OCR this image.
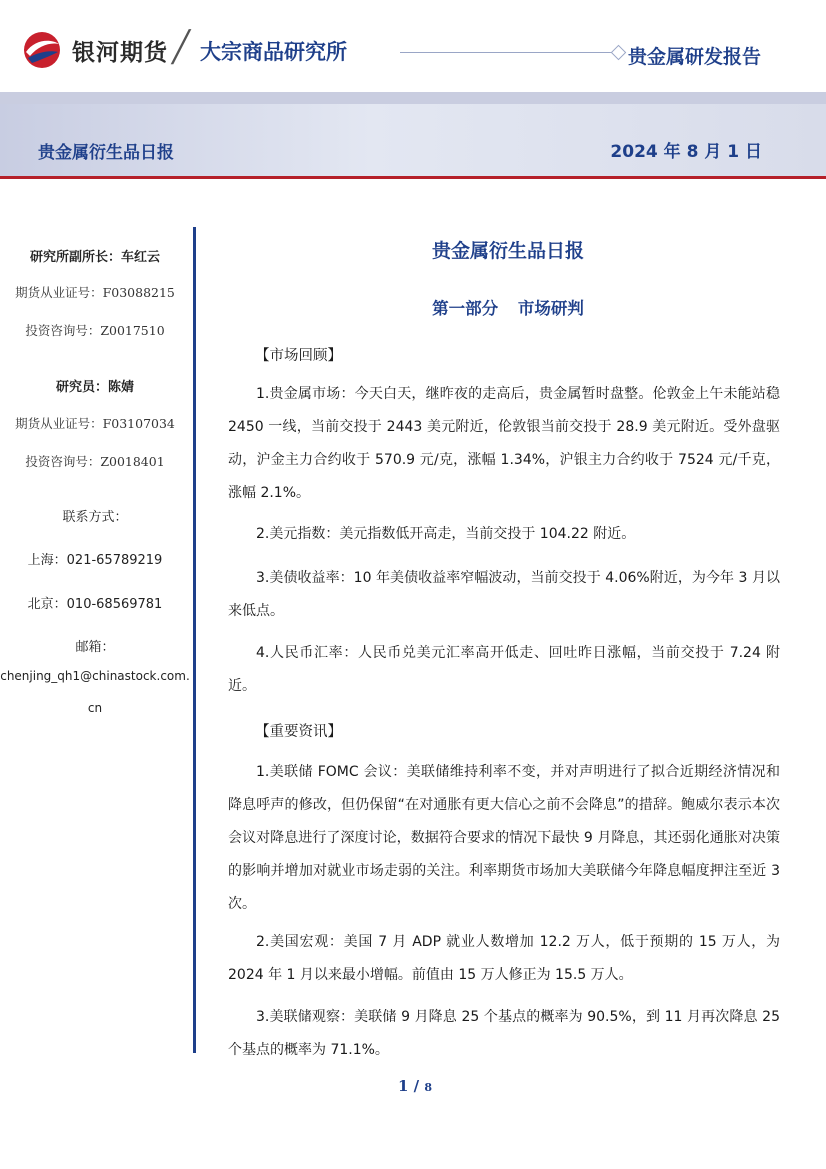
银河期货 ╱ 大宗商品研究所	贵金属研发报告
贵金属衍生品日报	2024 年 8 月 1 日
研究所副所长：车红云
期货从业证号：F03088215
投资咨询号：Z0017510
研究员：陈婧
期货从业证号：F03107034
投资咨询号：Z0018401
联系方式：
上海：021-65789219
北京：010-68569781
邮箱：
chenjing_qh1@chinastock.com.
cn
贵金属衍生品日报
第一部分 市场研判
【市场回顾】
1.贵金属市场：今天白天，继昨夜的走高后，贵金属暂时盘整。伦敦金上午未能站稳 2450 一线，当前交投于 2443 美元附近，伦敦银当前交投于 28.9 美元附近。受外盘驱动，沪金主力合约收于 570.9 元/克，涨幅 1.34%，沪银主力合约收于 7524 元/千克，涨幅 2.1%。
2.美元指数：美元指数低开高走，当前交投于 104.22 附近。
3.美债收益率：10 年美债收益率窄幅波动，当前交投于 4.06%附近，为今年 3 月以来低点。
4.人民币汇率：人民币兑美元汇率高开低走、回吐昨日涨幅，当前交投于 7.24 附近。
【重要资讯】
1.美联储 FOMC 会议：美联储维持利率不变，并对声明进行了拟合近期经济情况和降息呼声的修改，但仍保留“在对通胀有更大信心之前不会降息”的措辞。鲍威尔表示本次会议对降息进行了深度讨论，数据符合要求的情况下最快 9 月降息，其还弱化通胀对决策的影响并增加对就业市场走弱的关注。利率期货市场加大美联储今年降息幅度押注至近 3 次。
2.美国宏观：美国 7 月 ADP 就业人数增加 12.2 万人，低于预期的 15 万人，为 2024 年 1 月以来最小增幅。前值由 15 万人修正为 15.5 万人。
3.美联储观察：美联储 9 月降息 25 个基点的概率为 90.5%，到 11 月再次降息 25 个基点的概率为 71.1%。
1 / 8
